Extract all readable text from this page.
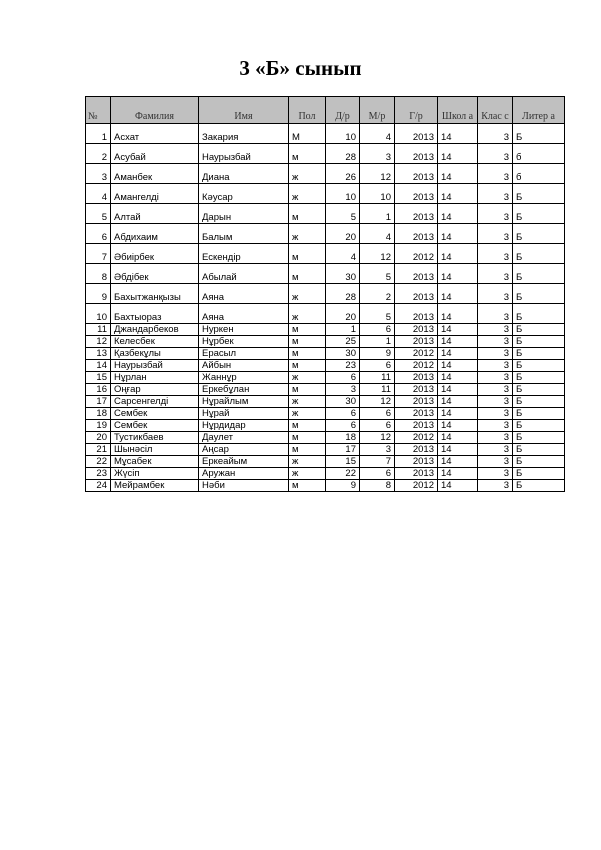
3 «Б» сынып
№	Фамилия	Имя	Пол	Д/р	М/р	Г/р	Школ а	Клас с	Литер а
1	Асхат	Закария	М	10	4	2013	14	3	Б
2	Асубай	Наурызбай	м	28	3	2013	14	3	б
3	Аманбек	Диана	ж	26	12	2013	14	3	б
4	Амангелді	Кәусар	ж	10	10	2013	14	3	Б
5	Алтай	Дарын	м	5	1	2013	14	3	Б
6	Абдихаим	Балым	ж	20	4	2013	14	3	Б
7	Әбиірбек	Ескендір	м	4	12	2012	14	3	Б
8	Әбдібек	Абылай	м	30	5	2013	14	3	Б
9	Бахытжанқызы	Аяна	ж	28	2	2013	14	3	Б
10	Бахтыораз	Аяна	ж	20	5	2013	14	3	Б
11	Джандарбеков	Нуркен	м	1	6	2013	14	3	Б
12	Келесбек	Нұрбек	м	25	1	2013	14	3	Б
13	Қазбекұлы	Ерасыл	м	30	9	2012	14	3	Б
14	Наурызбай	Айбын	м	23	6	2012	14	3	Б
15	Нұрлан	Жаннұр	ж	6	11	2013	14	3	Б
16	Оңғар	Еркебұлан	м	3	11	2013	14	3	Б
17	Сарсенгелді	Нұрайлым	ж	30	12	2013	14	3	Б
18	Сембек	Нұрай	ж	6	6	2013	14	3	Б
19	Сембек	Нұрдидар	м	6	6	2013	14	3	Б
20	Тустикбаев	Даулет	м	18	12	2012	14	3	Б
21	Шынәсіл	Аңсар	м	17	3	2013	14	3	Б
22	Мұсабек	Еркеайым	ж	15	7	2013	14	3	Б
23	Жүсіп	Аружан	ж	22	6	2013	14	3	Б
24	Мейрамбек	Нәби	м	9	8	2012	14	3	Б
